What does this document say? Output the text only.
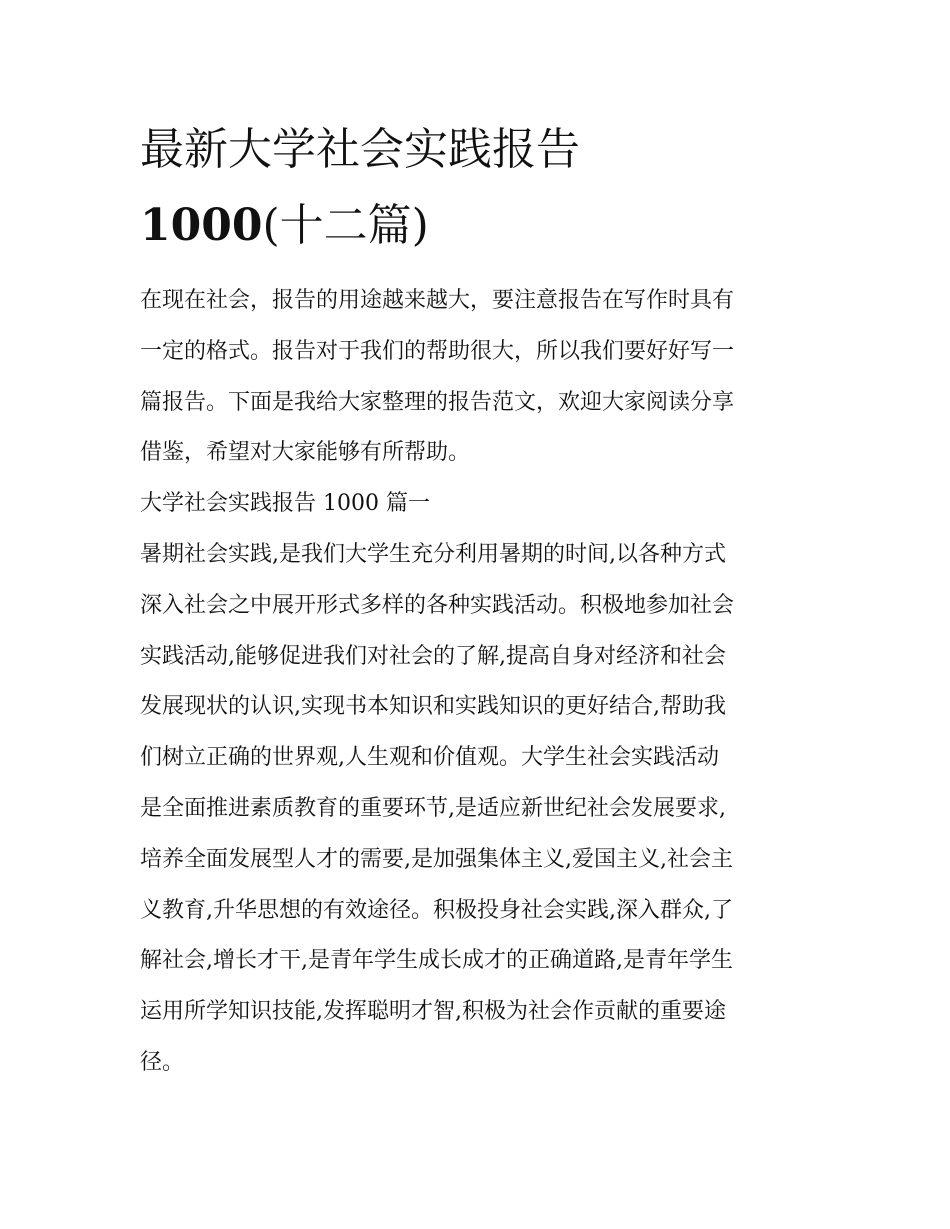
最新大学社会实践报告
1000(十二篇)
在现在社会，报告的用途越来越大，要注意报告在写作时具有
一定的格式。报告对于我们的帮助很大，所以我们要好好写一
篇报告。下面是我给大家整理的报告范文，欢迎大家阅读分享
借鉴，希望对大家能够有所帮助。
大学社会实践报告 1000 篇一
暑期社会实践,是我们大学生充分利用暑期的时间,以各种方式
深入社会之中展开形式多样的各种实践活动。积极地参加社会
实践活动,能够促进我们对社会的了解,提高自身对经济和社会
发展现状的认识,实现书本知识和实践知识的更好结合,帮助我
们树立正确的世界观,人生观和价值观。大学生社会实践活动
是全面推进素质教育的重要环节,是适应新世纪社会发展要求,
培养全面发展型人才的需要,是加强集体主义,爱国主义,社会主
义教育,升华思想的有效途径。积极投身社会实践,深入群众,了
解社会,增长才干,是青年学生成长成才的正确道路,是青年学生
运用所学知识技能,发挥聪明才智,积极为社会作贡献的重要途
径。
